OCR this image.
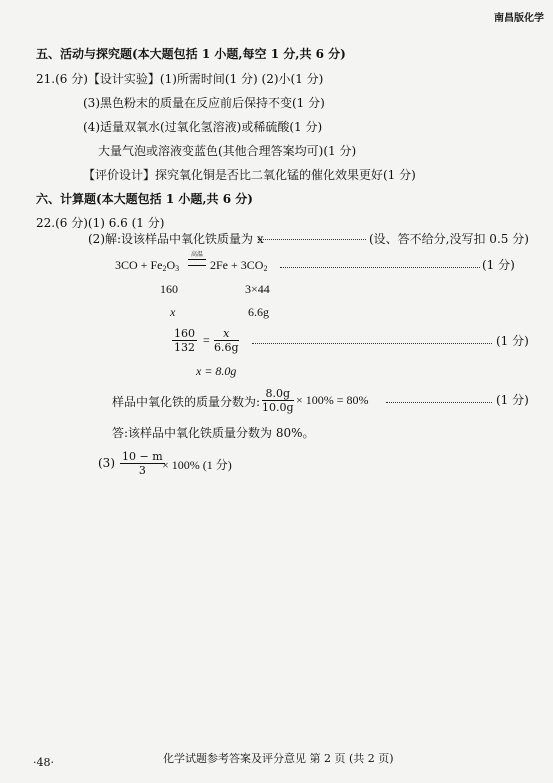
南昌版化学

五、活动与探究题(本大题包括 1 小题,每空 1 分,共 6 分)
21.(6 分)【设计实验】(1)所需时间(1 分) (2)小(1 分)
(3)黑色粉末的质量在反应前后保持不变(1 分)
(4)适量双氧水(过氧化氢溶液)或稀硫酸(1 分)
大量气泡或溶液变蓝色(其他合理答案均可)(1 分)
【评价设计】探究氧化铜是否比二氧化锰的催化效果更好(1 分)
六、计算题(本大题包括 1 小题,共 6 分)
22.(6 分)(1) 6.6 (1 分)
(2)解:设该样品中氧化铁质量为 x	(设、答不给分,没写扣 0.5 分)
$3CO + Fe_2O_3$
高温
$2Fe + 3CO_2$	(1 分)
160	3×44
x	6.6g
$\frac{160}{132} = \frac{x}{6.6g}$	(1 分)
x = 8.0g
样品中氧化铁的质量分数为: $\frac{8.0g}{10.0g} \times 100\% = 80\%$	(1 分)
答:该样品中氧化铁质量分数为 80%。
$(3) \frac{10 - m}{3}$
× 100% (1 分)
·48·	化学试题参考答案及评分意见 第 2 页 (共 2 页)
